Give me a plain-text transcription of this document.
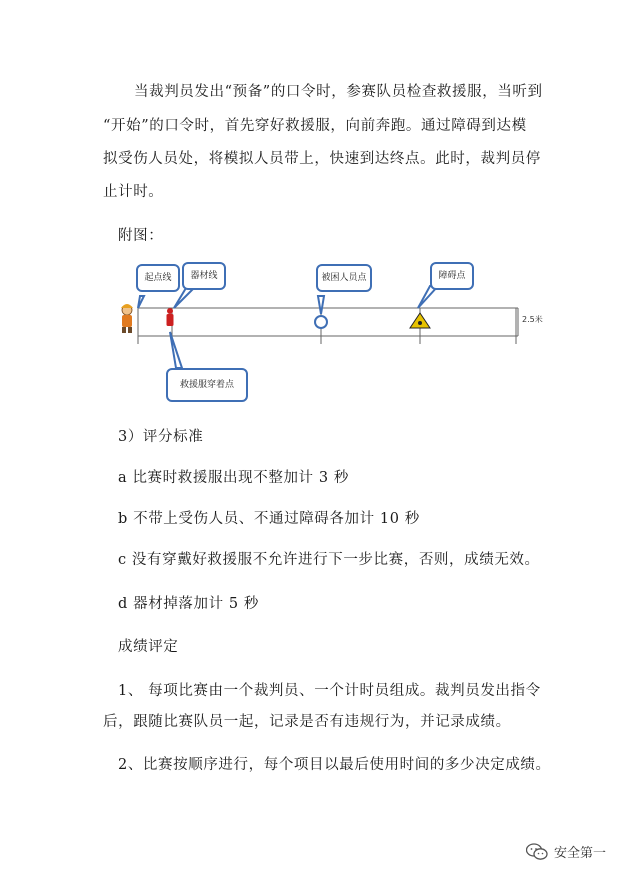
当裁判员发出“预备”的口令时，参赛队员检查救援服，当听到
“开始”的口令时，首先穿好救援服，向前奔跑。通过障碍到达模
拟受伤人员处，将模拟人员带上，快速到达终点。此时，裁判员停
止计时。
附图：
起点线	器材线	被困人员点	障碍点
救援服穿着点
2.5米
3）评分标准
a 比赛时救援服出现不整加计 3 秒
b 不带上受伤人员、不通过障碍各加计 10 秒
c 没有穿戴好救援服不允许进行下一步比赛，否则，成绩无效。
d 器材掉落加计 5 秒
成绩评定
1、 每项比赛由一个裁判员、一个计时员组成。裁判员发出指令
后，跟随比赛队员一起，记录是否有违规行为，并记录成绩。
2、比赛按顺序进行，每个项目以最后使用时间的多少决定成绩。
安全第一
